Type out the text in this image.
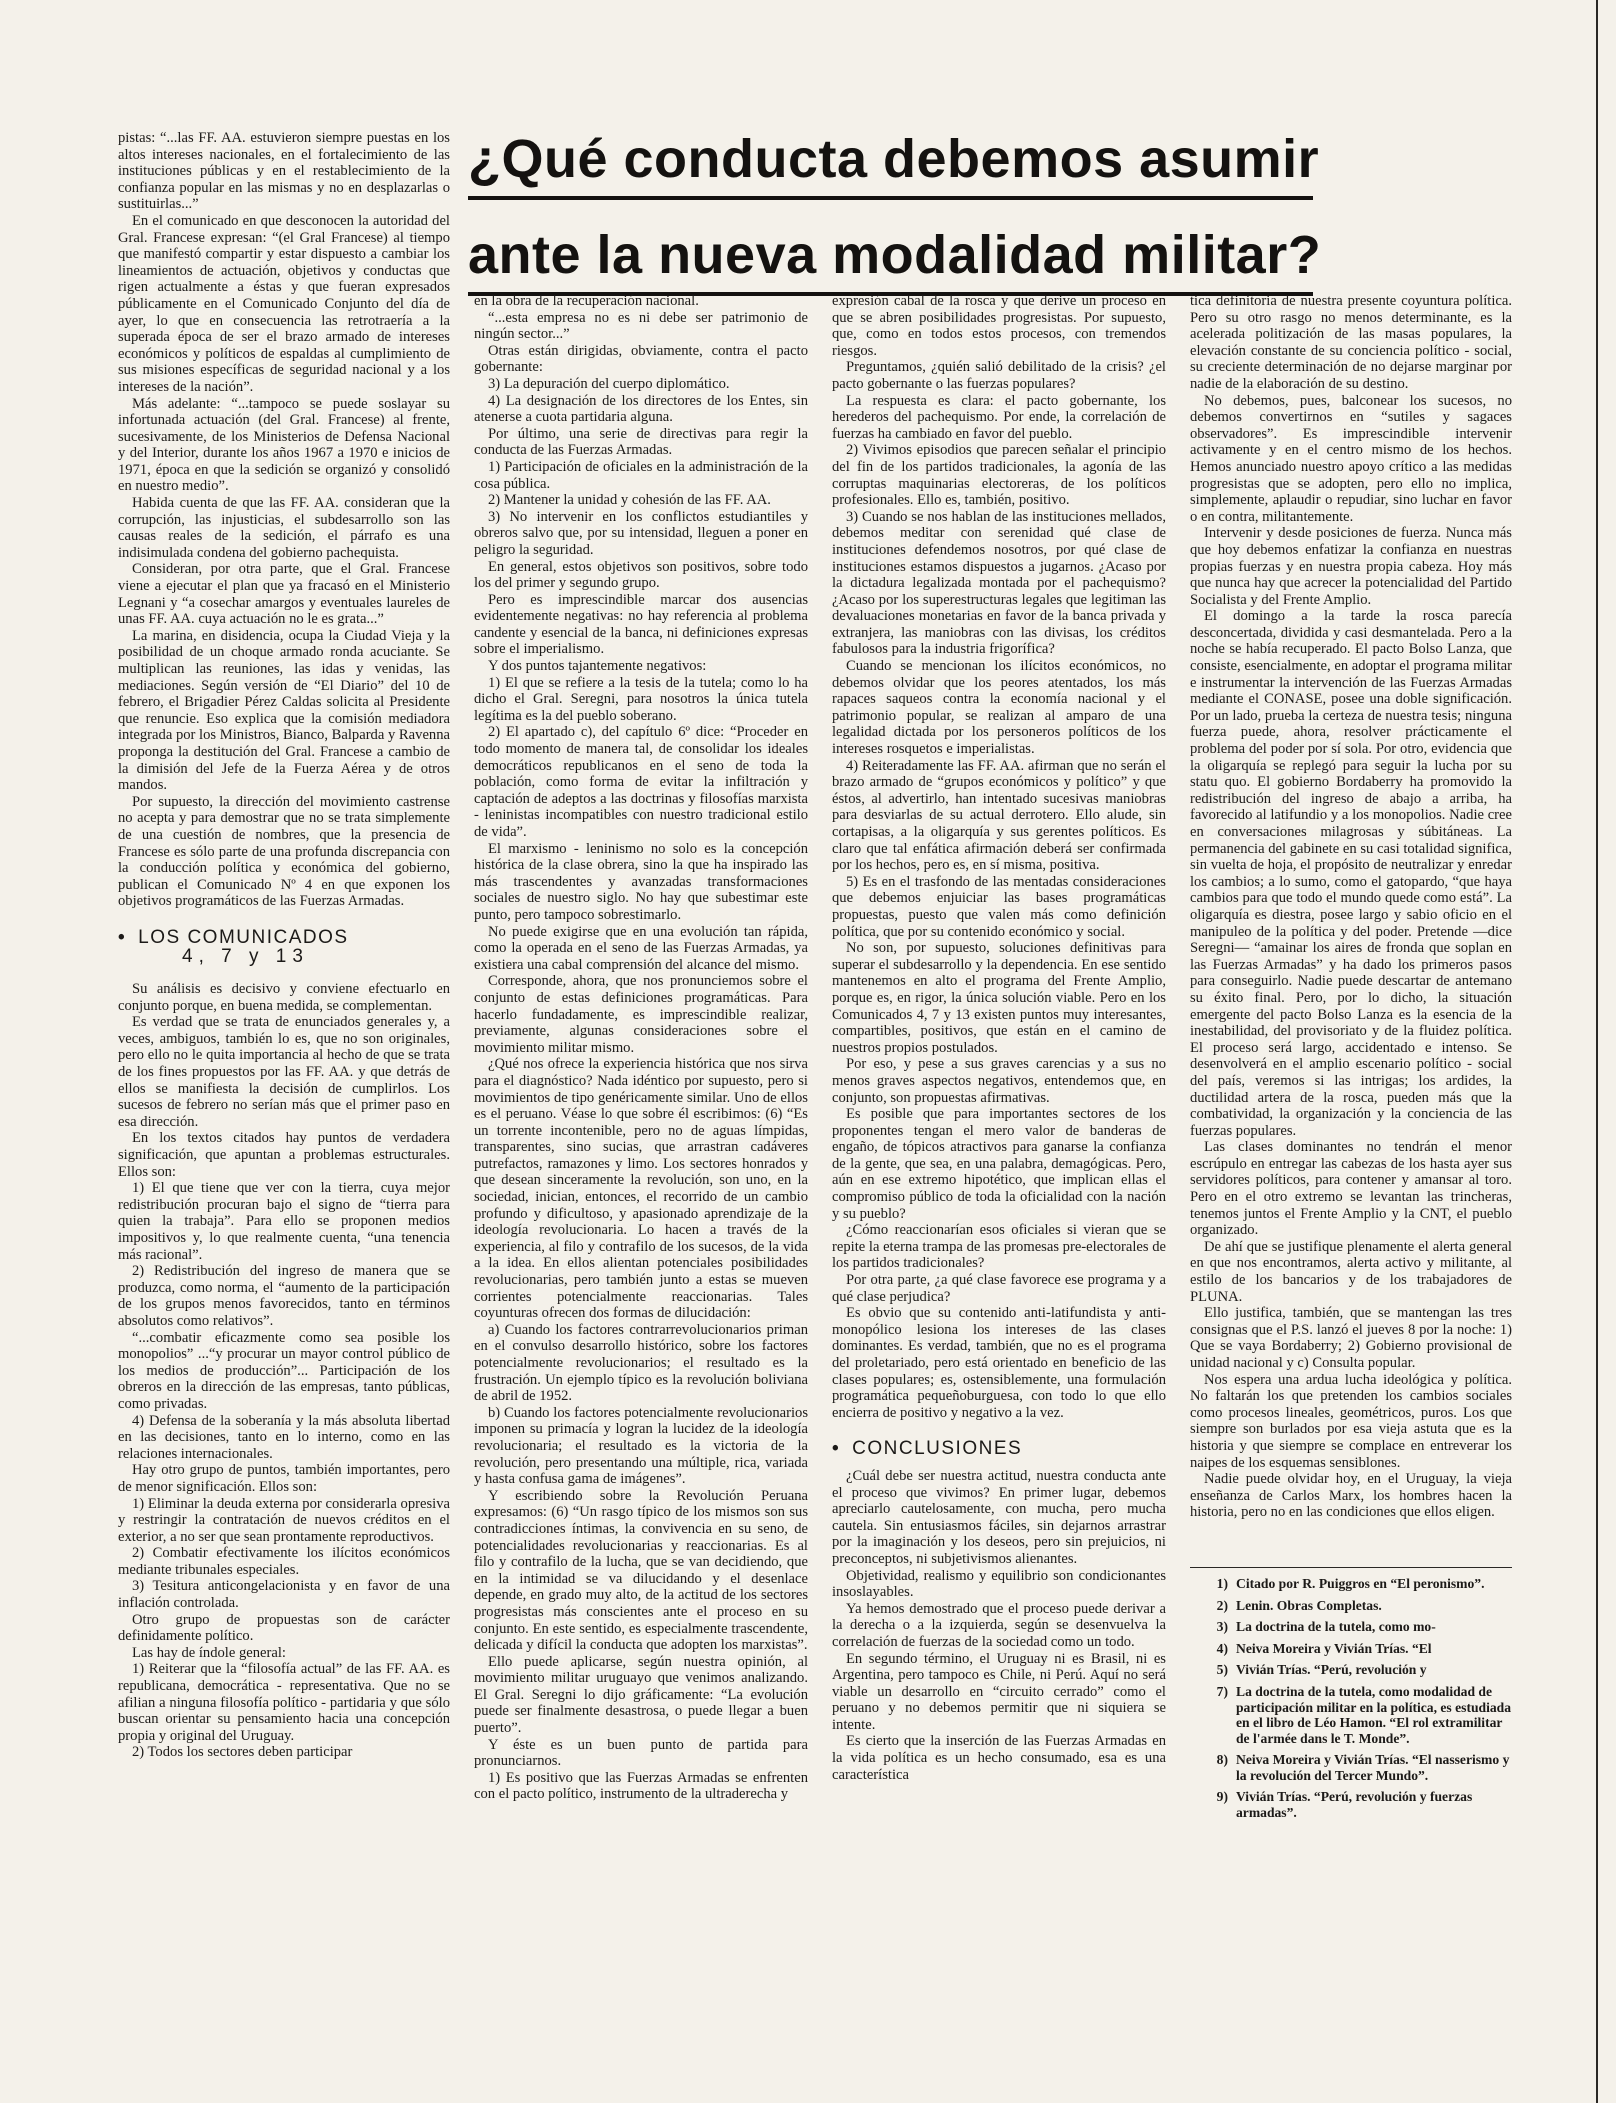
¿Qué conducta debemos asumir
ante la nueva modalidad militar?

pistas: “...las FF. AA. estuvieron siempre puestas en los altos intereses nacionales, en el fortalecimiento de las instituciones públicas y en el restablecimiento de la confianza popular en las mismas y no en desplazarlas o sustituirlas...”

En el comunicado en que desconocen la autoridad del Gral. Francese expresan: “(el Gral Francese) al tiempo que manifestó compartir y estar dispuesto a cambiar los lineamientos de actuación, objetivos y conductas que rigen actualmente a éstas y que fueran expresados públicamente en el Comunicado Conjunto del día de ayer, lo que en consecuencia las retrotraería a la superada época de ser el brazo armado de intereses económicos y políticos de espaldas al cumplimiento de sus misiones específicas de seguridad nacional y a los intereses de la nación”.

Más adelante: “...tampoco se puede soslayar su infortunada actuación (del Gral. Francese) al frente, sucesivamente, de los Ministerios de Defensa Nacional y del Interior, durante los años 1967 a 1970 e inicios de 1971, época en que la sedición se organizó y consolidó en nuestro medio”.

Habida cuenta de que las FF. AA. consideran que la corrupción, las injusticias, el subdesarrollo son las causas reales de la sedición, el párrafo es una indisimulada condena del gobierno pachequista.

Consideran, por otra parte, que el Gral. Francese viene a ejecutar el plan que ya fracasó en el Ministerio Legnani y “a cosechar amargos y eventuales laureles de unas FF. AA. cuya actuación no le es grata...”

La marina, en disidencia, ocupa la Ciudad Vieja y la posibilidad de un choque armado ronda acuciante. Se multiplican las reuniones, las idas y venidas, las mediaciones. Según versión de “El Diario” del 10 de febrero, el Brigadier Pérez Caldas solicita al Presidente que renuncie. Eso explica que la comisión mediadora integrada por los Ministros, Bianco, Balparda y Ravenna proponga la destitución del Gral. Francese a cambio de la dimisión del Jefe de la Fuerza Aérea y de otros mandos.

Por supuesto, la dirección del movimiento castrense no acepta y para demostrar que no se trata simplemente de una cuestión de nombres, que la presencia de Francese es sólo parte de una profunda discrepancia con la conducción política y económica del gobierno, publican el Comunicado Nº 4 en que exponen los objetivos programáticos de las Fuerzas Armadas.

• LOS COMUNICADOS
4, 7 y 13

Su análisis es decisivo y conviene efectuarlo en conjunto porque, en buena medida, se complementan.

Es verdad que se trata de enunciados generales y, a veces, ambiguos, también lo es, que no son originales, pero ello no le quita importancia al hecho de que se trata de los fines propuestos por las FF. AA. y que detrás de ellos se manifiesta la decisión de cumplirlos. Los sucesos de febrero no serían más que el primer paso en esa dirección.

En los textos citados hay puntos de verdadera significación, que apuntan a problemas estructurales. Ellos son:

1) El que tiene que ver con la tierra, cuya mejor redistribución procuran bajo el signo de “tierra para quien la trabaja”. Para ello se proponen medios impositivos y, lo que realmente cuenta, “una tenencia más racional”.

2) Redistribución del ingreso de manera que se produzca, como norma, el “aumento de la participación de los grupos menos favorecidos, tanto en términos absolutos como relativos”.

“...combatir eficazmente como sea posible los monopolios” ...“y procurar un mayor control público de los medios de producción”... Participación de los obreros en la dirección de las empresas, tanto públicas, como privadas.

4) Defensa de la soberanía y la más absoluta libertad en las decisiones, tanto en lo interno, como en las relaciones internacionales.

Hay otro grupo de puntos, también importantes, pero de menor significación. Ellos son:

1) Eliminar la deuda externa por considerarla opresiva y restringir la contratación de nuevos créditos en el exterior, a no ser que sean prontamente reproductivos.

2) Combatir efectivamente los ilícitos económicos mediante tribunales especiales.

3) Tesitura anticongelacionista y en favor de una inflación controlada.

Otro grupo de propuestas son de carácter definidamente político.

Las hay de índole general:

1) Reiterar que la “filosofía actual” de las FF. AA. es republicana, democrática - representativa. Que no se afilian a ninguna filosofía político - partidaria y que sólo buscan orientar su pensamiento hacia una concepción propia y original del Uruguay.

2) Todos los sectores deben participar

en la obra de la recuperación nacional.

“...esta empresa no es ni debe ser patrimonio de ningún sector...”

Otras están dirigidas, obviamente, contra el pacto gobernante:

3) La depuración del cuerpo diplomático.

4) La designación de los directores de los Entes, sin atenerse a cuota partidaria alguna.

Por último, una serie de directivas para regir la conducta de las Fuerzas Armadas.

1) Participación de oficiales en la administración de la cosa pública.

2) Mantener la unidad y cohesión de las FF. AA.

3) No intervenir en los conflictos estudiantiles y obreros salvo que, por su intensidad, lleguen a poner en peligro la seguridad.

En general, estos objetivos son positivos, sobre todo los del primer y segundo grupo.

Pero es imprescindible marcar dos ausencias evidentemente negativas: no hay referencia al problema candente y esencial de la banca, ni definiciones expresas sobre el imperialismo.

Y dos puntos tajantemente negativos:

1) El que se refiere a la tesis de la tutela; como lo ha dicho el Gral. Seregni, para nosotros la única tutela legítima es la del pueblo soberano.

2) El apartado c), del capítulo 6º dice: “Proceder en todo momento de manera tal, de consolidar los ideales democráticos republicanos en el seno de toda la población, como forma de evitar la infiltración y captación de adeptos a las doctrinas y filosofías marxista - leninistas incompatibles con nuestro tradicional estilo de vida”.

El marxismo - leninismo no solo es la concepción histórica de la clase obrera, sino la que ha inspirado las más trascendentes y avanzadas transformaciones sociales de nuestro siglo. No hay que subestimar este punto, pero tampoco sobrestimarlo.

No puede exigirse que en una evolución tan rápida, como la operada en el seno de las Fuerzas Armadas, ya existiera una cabal comprensión del alcance del mismo.

Corresponde, ahora, que nos pronunciemos sobre el conjunto de estas definiciones programáticas. Para hacerlo fundadamente, es imprescindible realizar, previamente, algunas consideraciones sobre el movimiento militar mismo.

¿Qué nos ofrece la experiencia histórica que nos sirva para el diagnóstico? Nada idéntico por supuesto, pero si movimientos de tipo genéricamente similar. Uno de ellos es el peruano. Véase lo que sobre él escribimos: (6) “Es un torrente incontenible, pero no de aguas límpidas, transparentes, sino sucias, que arrastran cadáveres putrefactos, ramazones y limo. Los sectores honrados y que desean sinceramente la revolución, son uno, en la sociedad, inician, entonces, el recorrido de un cambio profundo y dificultoso, y apasionado aprendizaje de la ideología revolucionaria. Lo hacen a través de la experiencia, al filo y contrafilo de los sucesos, de la vida a la idea. En ellos alientan potenciales posibilidades revolucionarias, pero también junto a estas se mueven corrientes potencialmente reaccionarias. Tales coyunturas ofrecen dos formas de dilucidación:

a) Cuando los factores contrarrevolucionarios priman en el convulso desarrollo histórico, sobre los factores potencialmente revolucionarios; el resultado es la frustración. Un ejemplo típico es la revolución boliviana de abril de 1952.

b) Cuando los factores potencialmente revolucionarios imponen su primacía y logran la lucidez de la ideología revolucionaria; el resultado es la victoria de la revolución, pero presentando una múltiple, rica, variada y hasta confusa gama de imágenes”.

Y escribiendo sobre la Revolución Peruana expresamos: (6) “Un rasgo típico de los mismos son sus contradicciones íntimas, la convivencia en su seno, de potencialidades revolucionarias y reaccionarias. Es al filo y contrafilo de la lucha, que se van decidiendo, que en la intimidad se va dilucidando y el desenlace depende, en grado muy alto, de la actitud de los sectores progresistas más conscientes ante el proceso en su conjunto. En este sentido, es especialmente trascendente, delicada y difícil la conducta que adopten los marxistas”.

Ello puede aplicarse, según nuestra opinión, al movimiento militar uruguayo que venimos analizando. El Gral. Seregni lo dijo gráficamente: “La evolución puede ser finalmente desastrosa, o puede llegar a buen puerto”.

Y éste es un buen punto de partida para pronunciarnos.

1) Es positivo que las Fuerzas Armadas se enfrenten con el pacto político, instrumento de la ultraderecha y

expresión cabal de la rosca y que derive un proceso en que se abren posibilidades progresistas. Por supuesto, que, como en todos estos procesos, con tremendos riesgos.

Preguntamos, ¿quién salió debilitado de la crisis? ¿el pacto gobernante o las fuerzas populares?

La respuesta es clara: el pacto gobernante, los herederos del pachequismo. Por ende, la correlación de fuerzas ha cambiado en favor del pueblo.

2) Vivimos episodios que parecen señalar el principio del fin de los partidos tradicionales, la agonía de las corruptas maquinarias electoreras, de los políticos profesionales. Ello es, también, positivo.

3) Cuando se nos hablan de las instituciones mellados, debemos meditar con serenidad qué clase de instituciones defendemos nosotros, por qué clase de instituciones estamos dispuestos a jugarnos. ¿Acaso por la dictadura legalizada montada por el pachequismo? ¿Acaso por los superestructuras legales que legitiman las devaluaciones monetarias en favor de la banca privada y extranjera, las maniobras con las divisas, los créditos fabulosos para la industria frigorífica?

Cuando se mencionan los ilícitos económicos, no debemos olvidar que los peores atentados, los más rapaces saqueos contra la economía nacional y el patrimonio popular, se realizan al amparo de una legalidad dictada por los personeros políticos de los intereses rosquetos e imperialistas.

4) Reiteradamente las FF. AA. afirman que no serán el brazo armado de “grupos económicos y político” y que éstos, al advertirlo, han intentado sucesivas maniobras para desviarlas de su actual derrotero. Ello alude, sin cortapisas, a la oligarquía y sus gerentes políticos. Es claro que tal enfática afirmación deberá ser confirmada por los hechos, pero es, en sí misma, positiva.

5) Es en el trasfondo de las mentadas consideraciones que debemos enjuiciar las bases programáticas propuestas, puesto que valen más como definición política, que por su contenido económico y social.

No son, por supuesto, soluciones definitivas para superar el subdesarrollo y la dependencia. En ese sentido mantenemos en alto el programa del Frente Amplio, porque es, en rigor, la única solución viable. Pero en los Comunicados 4, 7 y 13 existen puntos muy interesantes, compartibles, positivos, que están en el camino de nuestros propios postulados.

Por eso, y pese a sus graves carencias y a sus no menos graves aspectos negativos, entendemos que, en conjunto, son propuestas afirmativas.

Es posible que para importantes sectores de los proponentes tengan el mero valor de banderas de engaño, de tópicos atractivos para ganarse la confianza de la gente, que sea, en una palabra, demagógicas. Pero, aún en ese extremo hipotético, que implican ellas el compromiso público de toda la oficialidad con la nación y su pueblo?

¿Cómo reaccionarían esos oficiales si vieran que se repite la eterna trampa de las promesas pre-electorales de los partidos tradicionales?

Por otra parte, ¿a qué clase favorece ese programa y a qué clase perjudica?

Es obvio que su contenido anti-latifundista y anti-monopólico lesiona los intereses de las clases dominantes. Es verdad, también, que no es el programa del proletariado, pero está orientado en beneficio de las clases populares; es, ostensiblemente, una formulación programática pequeñoburguesa, con todo lo que ello encierra de positivo y negativo a la vez.

• CONCLUSIONES

¿Cuál debe ser nuestra actitud, nuestra conducta ante el proceso que vivimos? En primer lugar, debemos apreciarlo cautelosamente, con mucha, pero mucha cautela. Sin entusiasmos fáciles, sin dejarnos arrastrar por la imaginación y los deseos, pero sin prejuicios, ni preconceptos, ni subjetivismos alienantes.

Objetividad, realismo y equilibrio son condicionantes insoslayables.

Ya hemos demostrado que el proceso puede derivar a la derecha o a la izquierda, según se desenvuelva la correlación de fuerzas de la sociedad como un todo.

En segundo término, el Uruguay ni es Brasil, ni es Argentina, pero tampoco es Chile, ni Perú. Aquí no será viable un desarrollo en “circuito cerrado” como el peruano y no debemos permitir que ni siquiera se intente.

Es cierto que la inserción de las Fuerzas Armadas en la vida política es un hecho consumado, esa es una característica

tica definitoria de nuestra presente coyuntura política. Pero su otro rasgo no menos determinante, es la acelerada politización de las masas populares, la elevación constante de su conciencia político - social, su creciente determinación de no dejarse marginar por nadie de la elaboración de su destino.

No debemos, pues, balconear los sucesos, no debemos convertirnos en “sutiles y sagaces observadores”. Es imprescindible intervenir activamente y en el centro mismo de los hechos. Hemos anunciado nuestro apoyo crítico a las medidas progresistas que se adopten, pero ello no implica, simplemente, aplaudir o repudiar, sino luchar en favor o en contra, militantemente.

Intervenir y desde posiciones de fuerza. Nunca más que hoy debemos enfatizar la confianza en nuestras propias fuerzas y en nuestra propia cabeza. Hoy más que nunca hay que acrecer la potencialidad del Partido Socialista y del Frente Amplio.

El domingo a la tarde la rosca parecía desconcertada, dividida y casi desmantelada. Pero a la noche se había recuperado. El pacto Bolso Lanza, que consiste, esencialmente, en adoptar el programa militar e instrumentar la intervención de las Fuerzas Armadas mediante el CONASE, posee una doble significación. Por un lado, prueba la certeza de nuestra tesis; ninguna fuerza puede, ahora, resolver prácticamente el problema del poder por sí sola. Por otro, evidencia que la oligarquía se replegó para seguir la lucha por su statu quo. El gobierno Bordaberry ha promovido la redistribución del ingreso de abajo a arriba, ha favorecido al latifundio y a los monopolios. Nadie cree en conversaciones milagrosas y súbitáneas. La permanencia del gabinete en su casi totalidad significa, sin vuelta de hoja, el propósito de neutralizar y enredar los cambios; a lo sumo, como el gatopardo, “que haya cambios para que todo el mundo quede como está”. La oligarquía es diestra, posee largo y sabio oficio en el manipuleo de la política y del poder. Pretende —dice Seregni— “amainar los aires de fronda que soplan en las Fuerzas Armadas” y ha dado los primeros pasos para conseguirlo. Nadie puede descartar de antemano su éxito final. Pero, por lo dicho, la situación emergente del pacto Bolso Lanza es la esencia de la inestabilidad, del provisoriato y de la fluidez política. El proceso será largo, accidentado e intenso. Se desenvolverá en el amplio escenario político - social del país, veremos si las intrigas; los ardides, la ductilidad artera de la rosca, pueden más que la combatividad, la organización y la conciencia de las fuerzas populares.

Las clases dominantes no tendrán el menor escrúpulo en entregar las cabezas de los hasta ayer sus servidores políticos, para contener y amansar al toro. Pero en el otro extremo se levantan las trincheras, tenemos juntos el Frente Amplio y la CNT, el pueblo organizado.

De ahí que se justifique plenamente el alerta general en que nos encontramos, alerta activo y militante, al estilo de los bancarios y de los trabajadores de PLUNA.

Ello justifica, también, que se mantengan las tres consignas que el P.S. lanzó el jueves 8 por la noche: 1) Que se vaya Bordaberry; 2) Gobierno provisional de unidad nacional y c) Consulta popular.

Nos espera una ardua lucha ideológica y política. No faltarán los que pretenden los cambios sociales como procesos lineales, geométricos, puros. Los que siempre son burlados por esa vieja astuta que es la historia y que siempre se complace en entreverar los naipes de los esquemas sensiblones.

Nadie puede olvidar hoy, en el Uruguay, la vieja enseñanza de Carlos Marx, los hombres hacen la historia, pero no en las condiciones que ellos eligen.

1) Citado por R. Puiggros en “El peronismo”.
2) Lenin. Obras Completas.
3) La doctrina de la tutela, como mo-
4) Neiva Moreira y Vivián Trías. “El
5) Vivián Trías. “Perú, revolución y
7) La doctrina de la tutela, como modalidad de participación militar en la política, es estudiada en el libro de Léo Hamon. “El rol extramilitar de l'armée dans le T. Monde”.
8) Neiva Moreira y Vivián Trías. “El nasserismo y la revolución del Tercer Mundo”.
9) Vivián Trías. “Perú, revolución y fuerzas armadas”.
